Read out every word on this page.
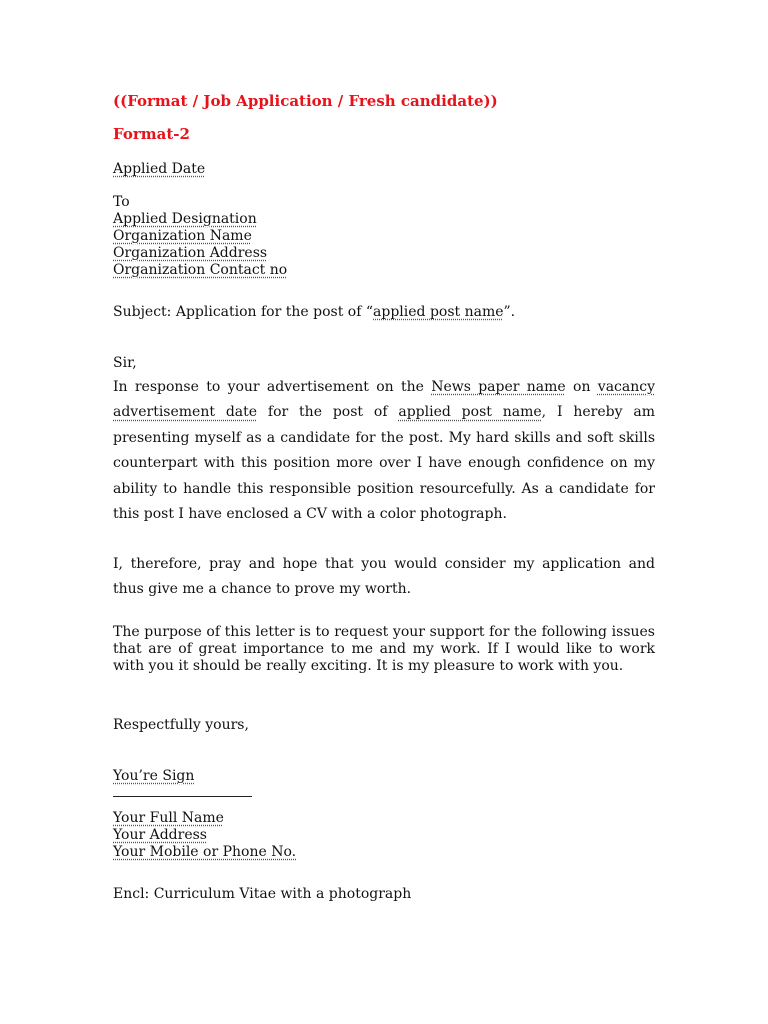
((Format / Job Application / Fresh candidate))
Format-2
Applied Date
To
Applied Designation
Organization Name
Organization Address
Organization Contact no
Subject: Application for the post of “applied post name”.
Sir,
In response to your advertisement on the News paper name on vacancy advertisement date for the post of applied post name, I hereby am presenting myself as a candidate for the post. My hard skills and soft skills counterpart with this position more over I have enough confidence on my ability to handle this responsible position resourcefully. As a candidate for this post I have enclosed a CV with a color photograph.
I, therefore, pray and hope that you would consider my application and thus give me a chance to prove my worth.
The purpose of this letter is to request your support for the following issues that are of great importance to me and my work. If I would like to work with you it should be really exciting. It is my pleasure to work with you.
Respectfully yours,
You’re Sign
Your Full Name
Your Address
Your Mobile or Phone No.
Encl: Curriculum Vitae with a photograph
